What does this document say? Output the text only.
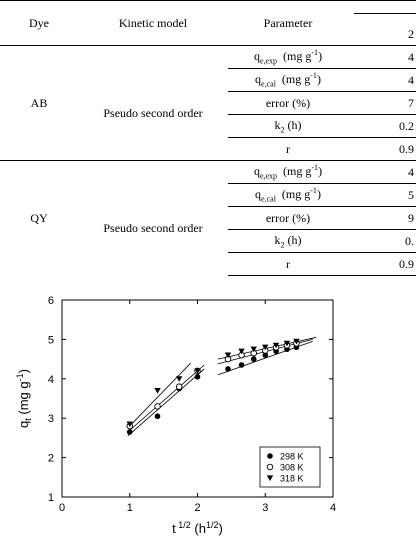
Dye	Kinetic model	Parameter	2

AB	Pseudo second order	$q_{e,exp}$  (mg $g^{-1}$)	4
		$q_{e,cal}$  (mg $g^{-1}$)	4
		error (%)	7
		$k_2$ (h)	0.2
		r	0.9
QY	Pseudo second order	$q_{e,exp}$  (mg $g^{-1}$)	4
		$q_{e,cal}$  (mg $g^{-1}$)	5
		error (%)	9
		$k_2$ (h)	0.
		r	0.9
0	1	2	3	4
1
2
3
4
5
6
t $^{1/2}$ $(h^{1/2})$
$q_t$ (mg $g^{-1}$)
298 K
308 K
318 K
